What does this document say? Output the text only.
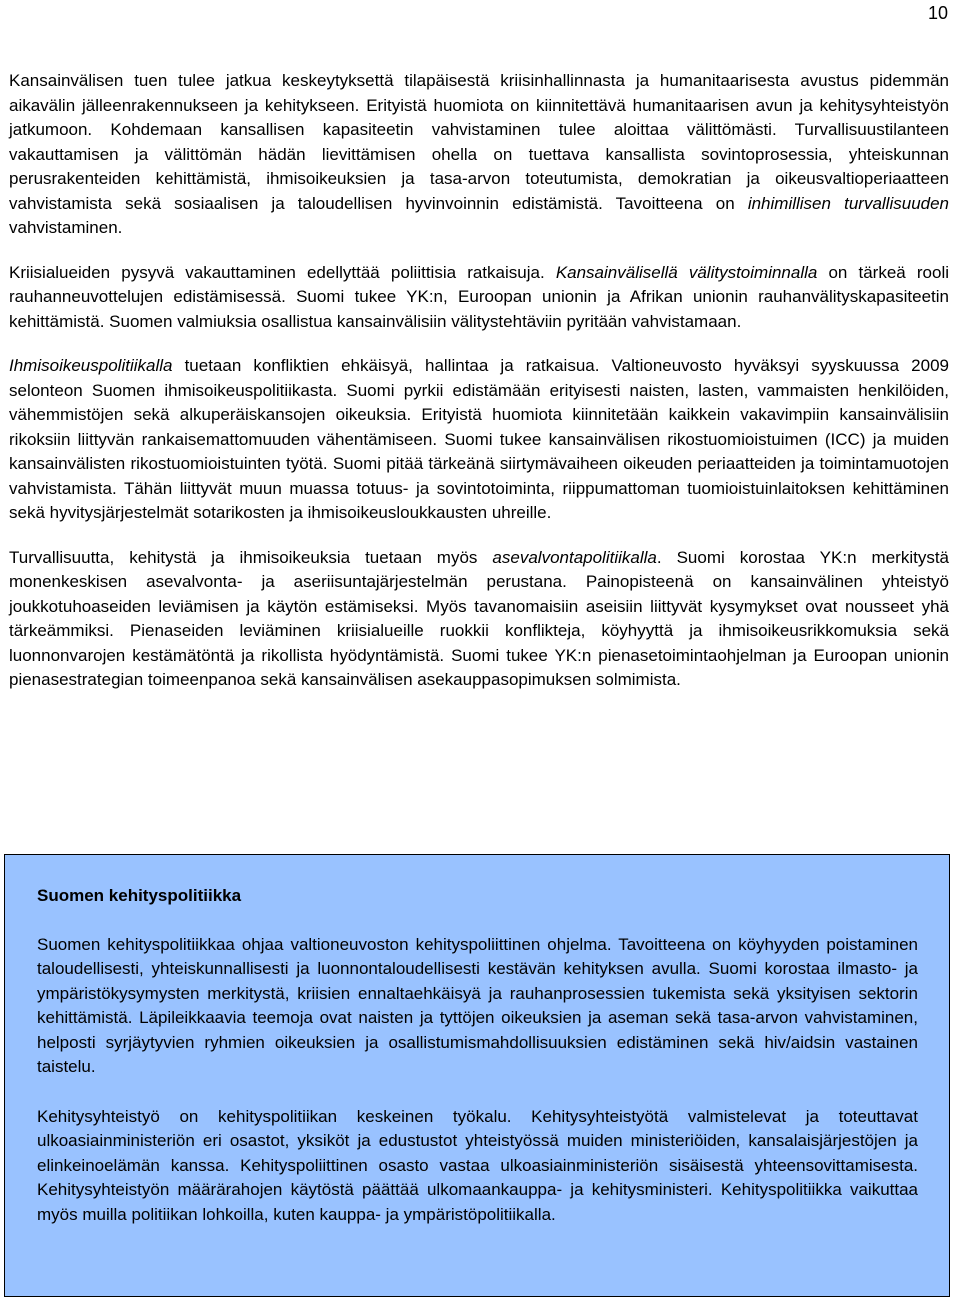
10

Kansainvälisen tuen tulee jatkua keskeytyksettä tilapäisestä kriisinhallinnasta ja humanitaarisesta avustus pidemmän aikavälin jälleenrakennukseen ja kehitykseen. Erityistä huomiota on kiinnitettävä humanitaarisen avun ja kehitysyhteistyön jatkumoon. Kohdemaan kansallisen kapasiteetin vahvistaminen tulee aloittaa välittömästi. Turvallisuustilanteen vakauttamisen ja välittömän hädän lievittämisen ohella on tuettava kansallista sovintoprosessia, yhteiskunnan perusrakenteiden kehittämistä, ihmisoikeuksien ja tasa-arvon toteutumista, demokratian ja oikeusvaltioperiaatteen vahvistamista sekä sosiaalisen ja taloudellisen hyvinvoinnin edistämistä. Tavoitteena on inhimillisen turvallisuuden vahvistaminen.

Kriisialueiden pysyvä vakauttaminen edellyttää poliittisia ratkaisuja. Kansainvälisellä välitystoiminnalla on tärkeä rooli rauhanneuvottelujen edistämisessä. Suomi tukee YK:n, Euroopan unionin ja Afrikan unionin rauhanvälityskapasiteetin kehittämistä. Suomen valmiuksia osallistua kansainvälisiin välitystehtäviin pyritään vahvistamaan.

Ihmisoikeuspolitiikalla tuetaan konfliktien ehkäisyä, hallintaa ja ratkaisua. Valtioneuvosto hyväksyi syyskuussa 2009 selonteon Suomen ihmisoikeuspolitiikasta. Suomi pyrkii edistämään erityisesti naisten, lasten, vammaisten henkilöiden, vähemmistöjen sekä alkuperäiskansojen oikeuksia. Erityistä huomiota kiinnitetään kaikkein vakavimpiin kansainvälisiin rikoksiin liittyvän rankaisemattomuuden vähentämiseen. Suomi tukee kansainvälisen rikostuomioistuimen (ICC) ja muiden kansainvälisten rikostuomioistuinten työtä. Suomi pitää tärkeänä siirtymävaiheen oikeuden periaatteiden ja toimintamuotojen vahvistamista. Tähän liittyvät muun muassa totuus- ja sovintotoiminta, riippumattoman tuomioistuinlaitoksen kehittäminen sekä hyvitysjärjestelmät sotarikosten ja ihmisoikeusloukkausten uhreille.

Turvallisuutta, kehitystä ja ihmisoikeuksia tuetaan myös asevalvontapolitiikalla. Suomi korostaa YK:n merkitystä monenkeskisen asevalvonta- ja aseriisuntajärjestelmän perustana. Painopisteenä on kansainvälinen yhteistyö joukkotuhoaseiden leviämisen ja käytön estämiseksi. Myös tavanomaisiin aseisiin liittyvät kysymykset ovat nousseet yhä tärkeämmiksi. Pienaseiden leviäminen kriisialueille ruokkii konflikteja, köyhyyttä ja ihmisoikeusrikkomuksia sekä luonnonvarojen kestämätöntä ja rikollista hyödyntämistä. Suomi tukee YK:n pienasetoimintaohjelman ja Euroopan unionin pienasestrategian toimeenpanoa sekä kansainvälisen asekauppasopimuksen solmimista.

Suomen kehityspolitiikka

Suomen kehityspolitiikkaa ohjaa valtioneuvoston kehityspoliittinen ohjelma. Tavoitteena on köyhyyden poistaminen taloudellisesti, yhteiskunnallisesti ja luonnontaloudellisesti kestävän kehityksen avulla. Suomi korostaa ilmasto- ja ympäristökysymysten merkitystä, kriisien ennaltaehkäisyä ja rauhanprosessien tukemista sekä yksityisen sektorin kehittämistä. Läpileikkaavia teemoja ovat naisten ja tyttöjen oikeuksien ja aseman sekä tasa-arvon vahvistaminen, helposti syrjäytyvien ryhmien oikeuksien ja osallistumismahdollisuuksien edistäminen sekä hiv/aidsin vastainen taistelu.

Kehitysyhteistyö on kehityspolitiikan keskeinen työkalu. Kehitysyhteistyötä valmistelevat ja toteuttavat ulkoasiainministeriön eri osastot, yksiköt ja edustustot yhteistyössä muiden ministeriöiden, kansalaisjärjestöjen ja elinkeinoelämän kanssa. Kehityspoliittinen osasto vastaa ulkoasiainministeriön sisäisestä yhteensovittamisesta. Kehitysyhteistyön määrärahojen käytöstä päättää ulkomaankauppa- ja kehitysministeri. Kehityspolitiikka vaikuttaa myös muilla politiikan lohkoilla, kuten kauppa- ja ympäristöpolitiikalla.
